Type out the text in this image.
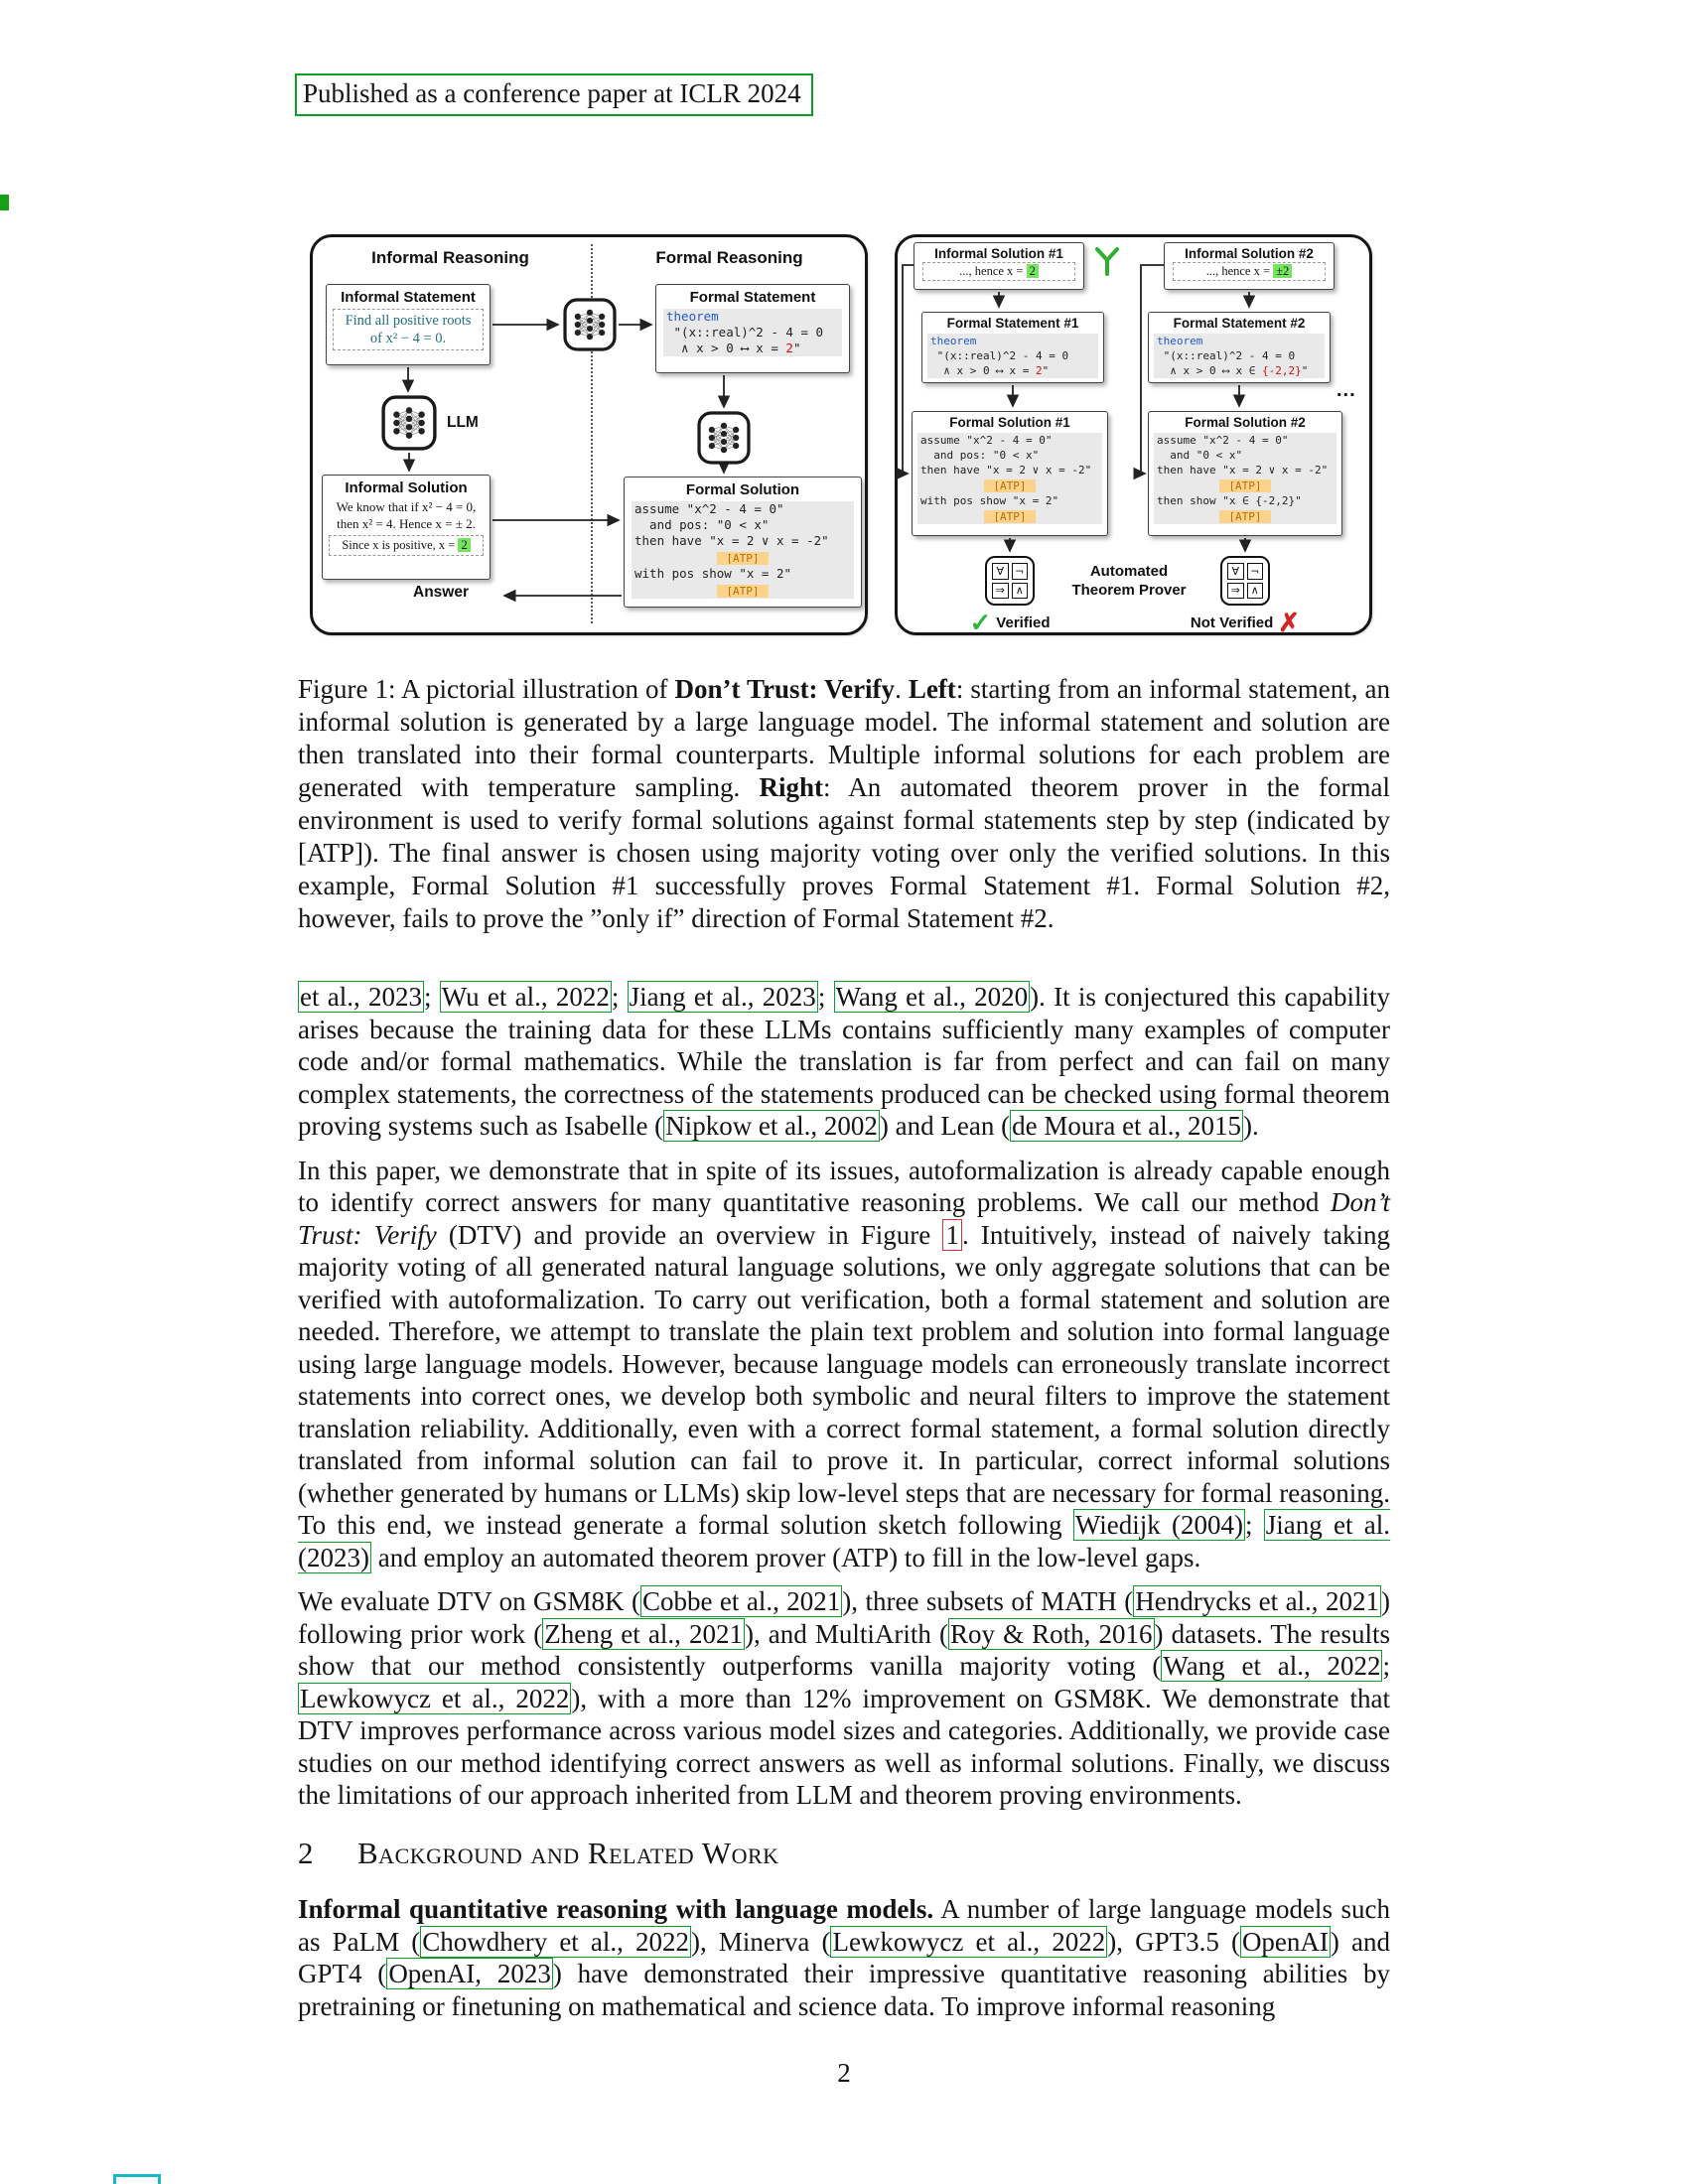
Published as a conference paper at ICLR 2024
Informal Reasoning	Formal Reasoning
Informal Statement
Find all positive roots
of x² − 4 = 0.
Formal Statement
theorem
"(x::real)^2 - 4 = 0
∧ x > 0 ⟷ x = 2"
LLM
Informal Solution
We know that if x² − 4 = 0,
then x² = 4. Hence x = ± 2.
Since x is positive, x = 2
Answer
Formal Solution
assume "x^2 - 4 = 0"
and pos: "0 < x"
then have "x = 2 ∨ x = -2"
[ATP]
with pos show "x = 2"
[ATP]
Informal Solution #1
..., hence x = 2
Informal Solution #2
..., hence x = ±2
Formal Statement #1
theorem
"(x::real)^2 - 4 = 0
∧ x > 0 ⟷ x = 2"
Formal Statement #2
theorem
"(x::real)^2 - 4 = 0
∧ x > 0 ⟷ x ∈ {-2,2}"
...
Formal Solution #1
assume "x^2 - 4 = 0"
and pos: "0 < x"
then have "x = 2 ∨ x = -2"
[ATP]
with pos show "x = 2"
[ATP]
Formal Solution #2
assume "x^2 - 4 = 0"
and "0 < x"
then have "x = 2 ∨ x = -2"
[ATP]
then show "x ∈ {-2,2}"
[ATP]
∀	¬
⇒ ∧
∀	¬
⇒ ∧
Automated
Theorem Prover
✓ Verified	Not Verified ✗
Figure 1: A pictorial illustration of Don’t Trust: Verify. Left: starting from an informal statement, an informal solution is generated by a large language model. The informal statement and solution are then translated into their formal counterparts. Multiple informal solutions for each problem are generated with temperature sampling. Right: An automated theorem prover in the formal environment is used to verify formal solutions against formal statements step by step (indicated by [ATP]). The final answer is chosen using majority voting over only the verified solutions. In this example, Formal Solution #1 successfully proves Formal Statement #1. Formal Solution #2, however, fails to prove the ”only if” direction of Formal Statement #2.

et al., 2023; Wu et al., 2022; Jiang et al., 2023; Wang et al., 2020). It is conjectured this capability arises because the training data for these LLMs contains sufficiently many examples of computer code and/or formal mathematics. While the translation is far from perfect and can fail on many complex statements, the correctness of the statements produced can be checked using formal theorem proving systems such as Isabelle (Nipkow et al., 2002) and Lean (de Moura et al., 2015).

In this paper, we demonstrate that in spite of its issues, autoformalization is already capable enough to identify correct answers for many quantitative reasoning problems. We call our method Don’t Trust: Verify (DTV) and provide an overview in Figure 1 . Intuitively, instead of naively taking majority voting of all generated natural language solutions, we only aggregate solutions that can be verified with autoformalization. To carry out verification, both a formal statement and solution are needed. Therefore, we attempt to translate the plain text problem and solution into formal language using large language models. However, because language models can erroneously translate incorrect statements into correct ones, we develop both symbolic and neural filters to improve the statement translation reliability. Additionally, even with a correct formal statement, a formal solution directly translated from informal solution can fail to prove it. In particular, correct informal solutions (whether generated by humans or LLMs) skip low-level steps that are necessary for formal reasoning. To this end, we instead generate a formal solution sketch following Wiedijk (2004); Jiang et al. (2023) and employ an automated theorem prover (ATP) to fill in the low-level gaps.

We evaluate DTV on GSM8K (Cobbe et al., 2021), three subsets of MATH (Hendrycks et al., 2021) following prior work (Zheng et al., 2021), and MultiArith (Roy & Roth, 2016) datasets. The results show that our method consistently outperforms vanilla majority voting (Wang et al., 2022; Lewkowycz et al., 2022), with a more than 12% improvement on GSM8K. We demonstrate that DTV improves performance across various model sizes and categories. Additionally, we provide case studies on our method identifying correct answers as well as informal solutions. Finally, we discuss the limitations of our approach inherited from LLM and theorem proving environments.

2 Background and Related Work

Informal quantitative reasoning with language models. A number of large language models such as PaLM (Chowdhery et al., 2022), Minerva (Lewkowycz et al., 2022), GPT3.5 (OpenAI) and GPT4 (OpenAI, 2023) have demonstrated their impressive quantitative reasoning abilities by pretraining or finetuning on mathematical and science data. To improve informal reasoning

2
